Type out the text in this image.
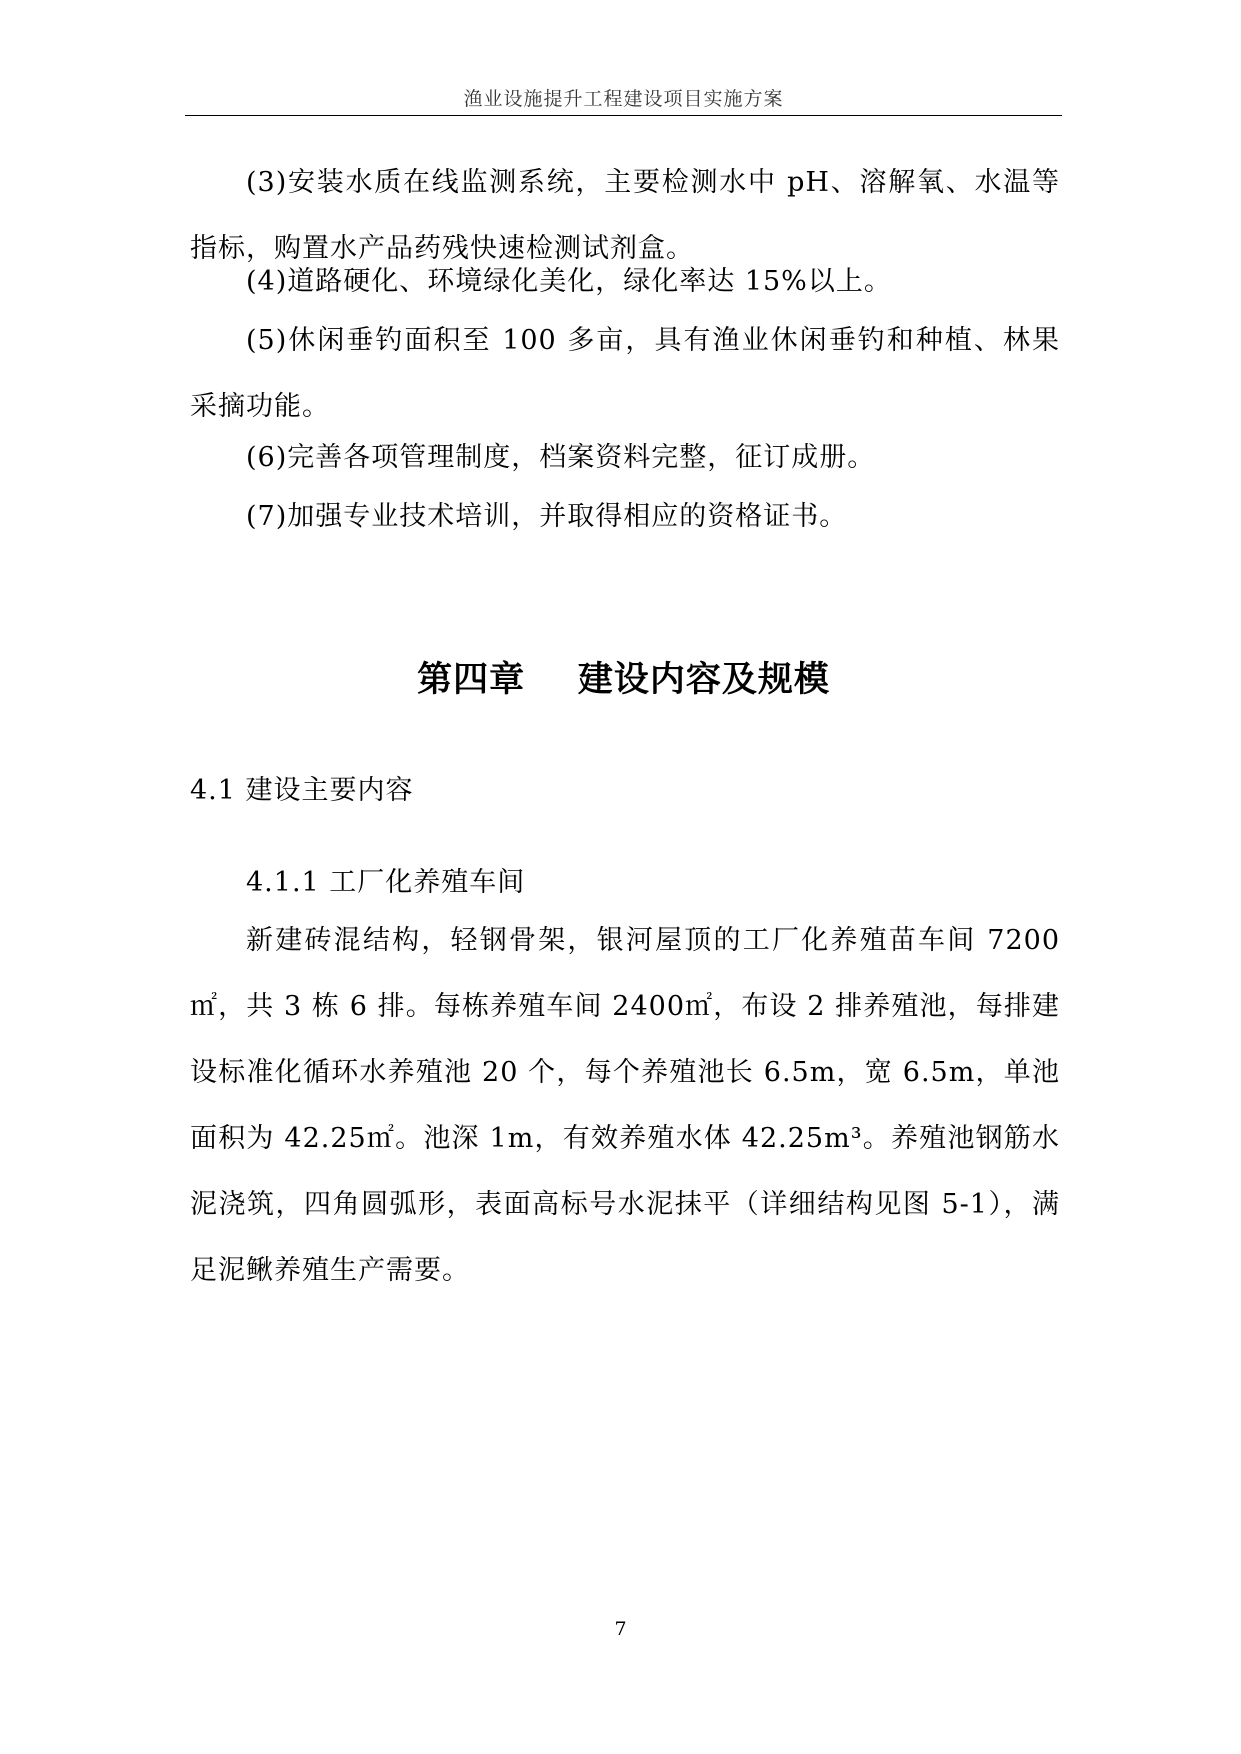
渔业设施提升工程建设项目实施方案

(3)安装水质在线监测系统，主要检测水中 pH、溶解氧、水温等指标，购置水产品药残快速检测试剂盒。

(4)道路硬化、环境绿化美化，绿化率达 15%以上。

(5)休闲垂钓面积至 100 多亩，具有渔业休闲垂钓和种植、林果采摘功能。

(6)完善各项管理制度，档案资料完整，征订成册。

(7)加强专业技术培训，并取得相应的资格证书。

第四章    建设内容及规模
4.1 建设主要内容
4.1.1 工厂化养殖车间

新建砖混结构，轻钢骨架，银河屋顶的工厂化养殖苗车间 7200㎡，共 3 栋 6 排。每栋养殖车间 2400㎡，布设 2 排养殖池，每排建设标准化循环水养殖池 20 个，每个养殖池长 6.5m，宽 6.5m，单池面积为 42.25㎡。池深 1m，有效养殖水体 42.25m³。养殖池钢筋水泥浇筑，四角圆弧形，表面高标号水泥抹平（详细结构见图 5-1），满足泥鳅养殖生产需要。

7
